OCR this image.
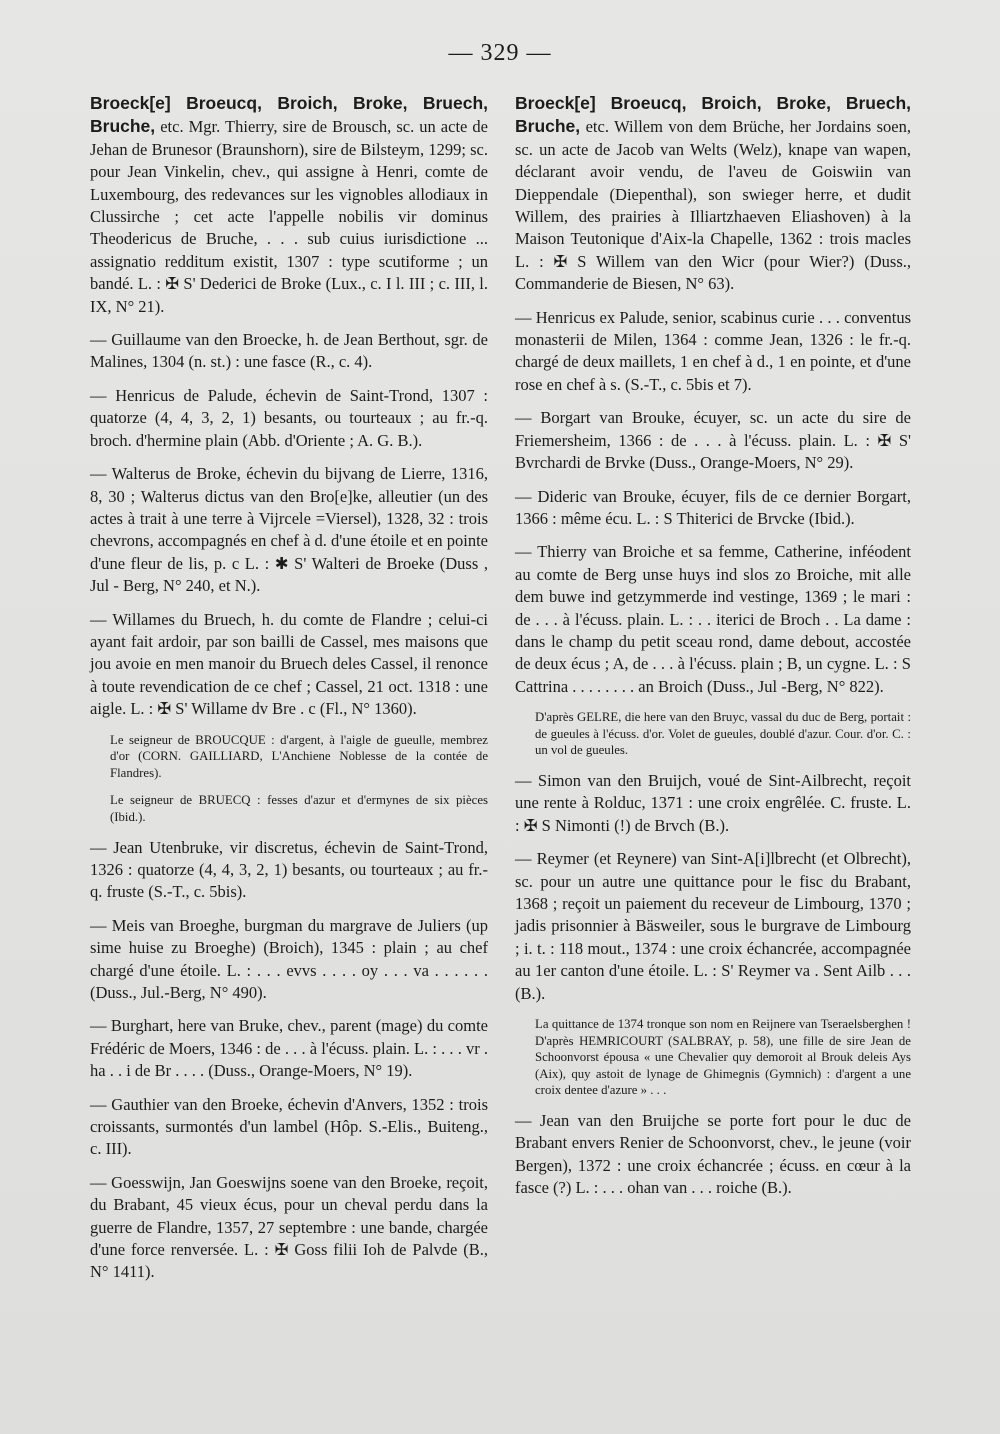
— 329 —

Broeck[e] Broeucq, Broich, Broke, Bruech, Bruche, etc. Mgr. Thierry, sire de Brousch, sc. un acte de Jehan de Brunesor (Braunshorn), sire de Bilsteym, 1299; sc. pour Jean Vinkelin, chev., qui assigne à Henri, comte de Luxembourg, des redevances sur les vignobles allodiaux in Clussirche ; cet acte l'appelle nobilis vir dominus Theodericus de Bruche, . . . sub cuius iurisdictione ... assignatio redditum existit, 1307 : type scutiforme ; un bandé. L. : ✠ S' Dederici de Broke (Lux., c. I l. III ; c. III, l. IX, N° 21).

— Guillaume van den Broecke, h. de Jean Berthout, sgr. de Malines, 1304 (n. st.) : une fasce (R., c. 4).

— Henricus de Palude, échevin de Saint-Trond, 1307 : quatorze (4, 4, 3, 2, 1) besants, ou tourteaux ; au fr.-q. broch. d'hermine plain (Abb. d'Oriente ; A. G. B.).

— Walterus de Broke, échevin du bijvang de Lierre, 1316, 8, 30 ; Walterus dictus van den Bro[e]ke, alleutier (un des actes à trait à une terre à Vijrcele =Viersel), 1328, 32 : trois chevrons, accompagnés en chef à d. d'une étoile et en pointe d'une fleur de lis, p. c L. : ✱ S' Walteri de Broeke (Duss , Jul - Berg, N° 240, et N.).

— Willames du Bruech, h. du comte de Flandre ; celui-ci ayant fait ardoir, par son bailli de Cassel, mes maisons que jou avoie en men manoir du Bruech deles Cassel, il renonce à toute revendication de ce chef ; Cassel, 21 oct. 1318 : une aigle. L. : ✠ S' Willame dv Bre . c (Fl., N° 1360).

Le seigneur de BROUCQUE : d'argent, à l'aigle de gueulle, membrez d'or (CORN. GAILLIARD, L'Anchiene Noblesse de la contée de Flandres).
Le seigneur de BRUECQ : fesses d'azur et d'ermynes de six pièces (Ibid.).

— Jean Utenbruke, vir discretus, échevin de Saint-Trond, 1326 : quatorze (4, 4, 3, 2, 1) besants, ou tourteaux ; au fr.-q. fruste (S.-T., c. 5bis).

— Meis van Broeghe, burgman du margrave de Juliers (up sime huise zu Broeghe) (Broich), 1345 : plain ; au chef chargé d'une étoile. L. : . . . evvs . . . . oy . . . va . . . . . . (Duss., Jul.-Berg, N° 490).

— Burghart, here van Bruke, chev., parent (mage) du comte Frédéric de Moers, 1346 : de . . . à l'écuss. plain. L. : . . . vr . ha . . i de Br . . . . (Duss., Orange-Moers, N° 19).

— Gauthier van den Broeke, échevin d'Anvers, 1352 : trois croissants, surmontés d'un lambel (Hôp. S.-Elis., Buiteng., c. III).

— Goesswijn, Jan Goeswijns soene van den Broeke, reçoit, du Brabant, 45 vieux écus, pour un cheval perdu dans la guerre de Flandre, 1357, 27 septembre : une bande, chargée d'une force renversée. L. : ✠ Goss filii Ioh de Palvde (B., N° 1411).

Broeck[e] Broeucq, Broich, Broke, Bruech, Bruche, etc. Willem von dem Brüche, her Jordains soen, sc. un acte de Jacob van Welts (Welz), knape van wapen, déclarant avoir vendu, de l'aveu de Goiswiin van Dieppendale (Diepenthal), son swieger herre, et dudit Willem, des prairies à Illiartzhaeven Eliashoven) à la Maison Teutonique d'Aix-la Chapelle, 1362 : trois macles L. : ✠ S Willem van den Wicr (pour Wier?) (Duss., Commanderie de Biesen, N° 63).

— Henricus ex Palude, senior, scabinus curie . . . conventus monasterii de Milen, 1364 : comme Jean, 1326 : le fr.-q. chargé de deux maillets, 1 en chef à d., 1 en pointe, et d'une rose en chef à s. (S.-T., c. 5bis et 7).

— Borgart van Brouke, écuyer, sc. un acte du sire de Friemersheim, 1366 : de . . . à l'écuss. plain. L. : ✠ S' Bvrchardi de Brvke (Duss., Orange-Moers, N° 29).

— Dideric van Brouke, écuyer, fils de ce dernier Borgart, 1366 : même écu. L. : S Thiterici de Brvcke (Ibid.).

— Thierry van Broiche et sa femme, Catherine, inféodent au comte de Berg unse huys ind slos zo Broiche, mit alle dem buwe ind getzymmerde ind vestinge, 1369 ; le mari : de . . . à l'écuss. plain. L. : . . iterici de Broch . . La dame : dans le champ du petit sceau rond, dame debout, accostée de deux écus ; A, de . . . à l'écuss. plain ; B, un cygne. L. : S Cattrina . . . . . . . . an Broich (Duss., Jul -Berg, N° 822).

D'après GELRE, die here van den Bruyc, vassal du duc de Berg, portait : de gueules à l'écuss. d'or. Volet de gueules, doublé d'azur. Cour. d'or. C. : un vol de gueules.

— Simon van den Bruijch, voué de Sint-Ailbrecht, reçoit une rente à Rolduc, 1371 : une croix engrêlée. C. fruste. L. : ✠ S Nimonti (!) de Brvch (B.).

— Reymer (et Reynere) van Sint-A[i]lbrecht (et Olbrecht), sc. pour un autre une quittance pour le fisc du Brabant, 1368 ; reçoit un paiement du receveur de Limbourg, 1370 ; jadis prisonnier à Bäsweiler, sous le burgrave de Limbourg ; i. t. : 118 mout., 1374 : une croix échancrée, accompagnée au 1er canton d'une étoile. L. : S' Reymer va . Sent Ailb . . . (B.).

La quittance de 1374 tronque son nom en Reijnere van Tseraelsberghen ! D'après HEMRICOURT (SALBRAY, p. 58), une fille de sire Jean de Schoonvorst épousa « une Chevalier quy demoroit al Brouk deleis Ays (Aix), quy astoit de lynage de Ghimegnis (Gymnich) : d'argent a une croix dentee d'azure » . . .

— Jean van den Bruijche se porte fort pour le duc de Brabant envers Renier de Schoonvorst, chev., le jeune (voir Bergen), 1372 : une croix échancrée ; écuss. en cœur à la fasce (?) L. : . . . ohan van . . . roiche (B.).
